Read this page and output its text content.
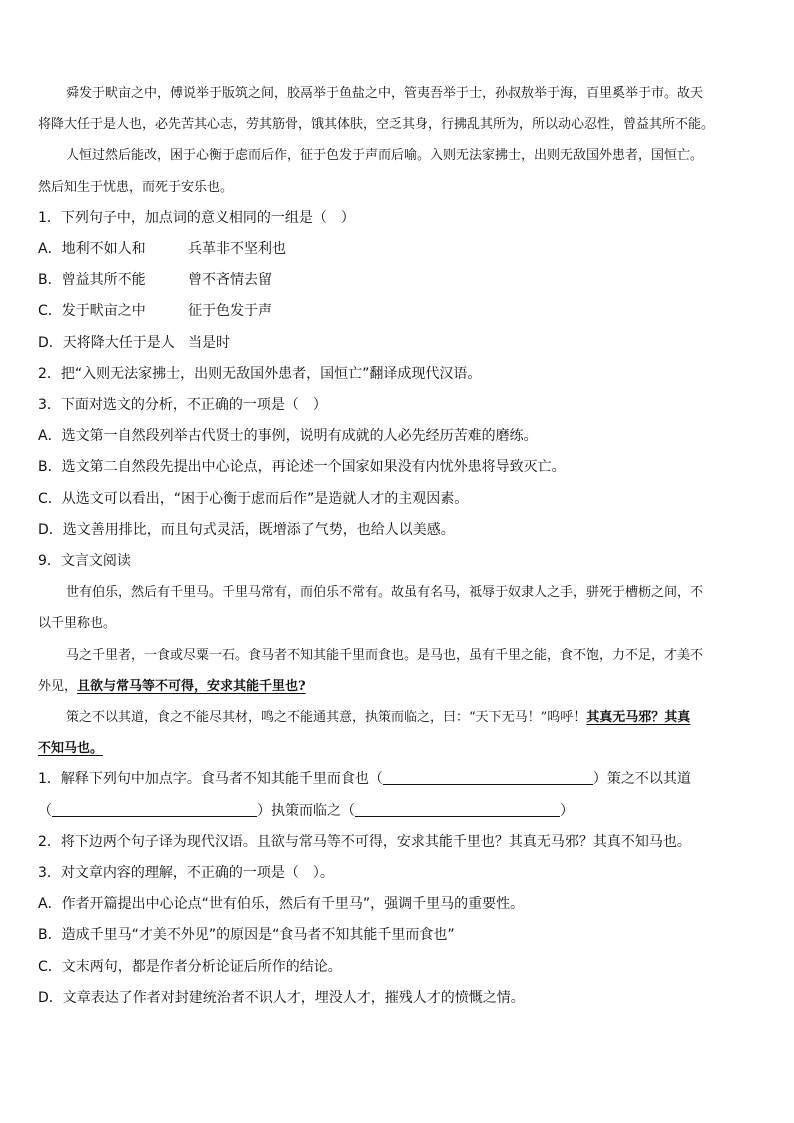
舜发于畎亩之中，傅说举于版筑之间，胶鬲举于鱼盐之中，管夷吾举于士，孙叔敖举于海，百里奚举于市。故天

将降大任于是人也，必先苦其心志，劳其筋骨，饿其体肤，空乏其身，行拂乱其所为，所以动心忍性，曾益其所不能。

人恒过然后能改，困于心衡于虑而后作，征于色发于声而后喻。入则无法家拂士，出则无敌国外患者，国恒亡。

然后知生于忧患，而死于安乐也。

1．下列句子中，加点词的意义相同的一组是（　）

A．地利不如人和	兵革非不坚利也

B．曾益其所不能	曾不吝情去留

C．发于畎亩之中	征于色发于声

D．天将降大任于是人 当是时

2．把“入则无法家拂士，出则无敌国外患者，国恒亡”翻译成现代汉语。

3．下面对选文的分析，不正确的一项是（　）

A．选文第一自然段列举古代贤士的事例，说明有成就的人必先经历苦难的磨练。

B．选文第二自然段先提出中心论点，再论述一个国家如果没有内忧外患将导致灭亡。

C．从选文可以看出，“困于心衡于虑而后作”是造就人才的主观因素。

D．选文善用排比，而且句式灵活，既增添了气势，也给人以美感。

9．文言文阅读

世有伯乐，然后有千里马。千里马常有，而伯乐不常有。故虽有名马，祗辱于奴隶人之手，骈死于槽枥之间，不

以千里称也。

马之千里者，一食或尽粟一石。食马者不知其能千里而食也。是马也，虽有千里之能，食不饱，力不足，才美不

外见，且欲与常马等不可得，安求其能千里也?

策之不以其道，食之不能尽其材，鸣之不能通其意，执策而临之，曰：“天下无马！”呜呼！其真无马邪？其真

不知马也。

1．解释下列句中加点字。食马者不知其能千里而食也（	）策之不以其道

（	）执策而临之（	）

2．将下边两个句子译为现代汉语。且欲与常马等不可得，安求其能千里也？其真无马邪？其真不知马也。

3．对文章内容的理解，不正确的一项是（　）。

A．作者开篇提出中心论点“世有伯乐，然后有千里马”，强调千里马的重要性。

B．造成千里马“才美不外见”的原因是“食马者不知其能千里而食也”

C．文末两句，都是作者分析论证后所作的结论。

D．文章表达了作者对封建统治者不识人才，埋没人才，摧残人才的愤慨之情。
